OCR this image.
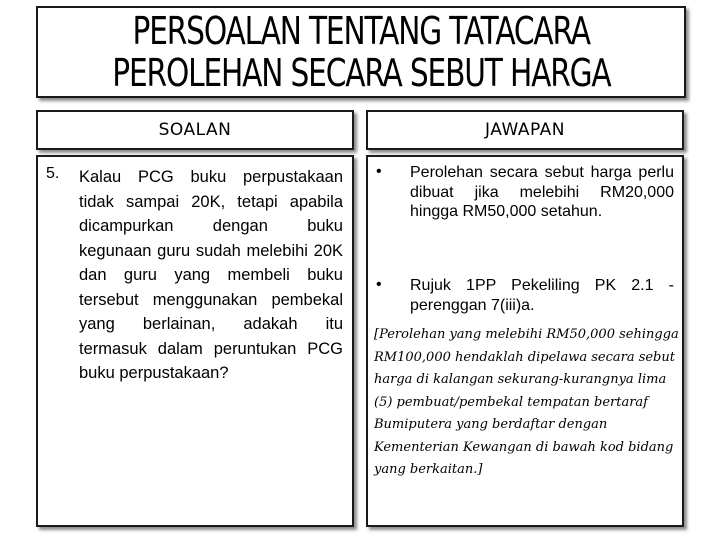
PERSOALAN TENTANG TATACARA
PEROLEHAN SECARA SEBUT HARGA
SOALAN	JAWAPAN
5. Kalau PCG buku perpustakaan tidak sampai 20K, tetapi apabila dicampurkan dengan buku kegunaan guru sudah melebihi 20K dan guru yang membeli buku tersebut menggunakan pembekal yang berlainan, adakah itu termasuk dalam peruntukan PCG buku perpustakaan?
• Perolehan secara sebut harga perlu dibuat jika melebihi RM20,000 hingga RM50,000 setahun.
• Rujuk 1PP Pekeliling PK 2.1 - perenggan 7(iii)a.
[Perolehan yang melebihi RM50,000 sehingga RM100,000 hendaklah dipelawa secara sebut harga di kalangan sekurang-kurangnya lima (5) pembuat/pembekal tempatan bertaraf Bumiputera yang berdaftar dengan Kementerian Kewangan di bawah kod bidang yang berkaitan.]
